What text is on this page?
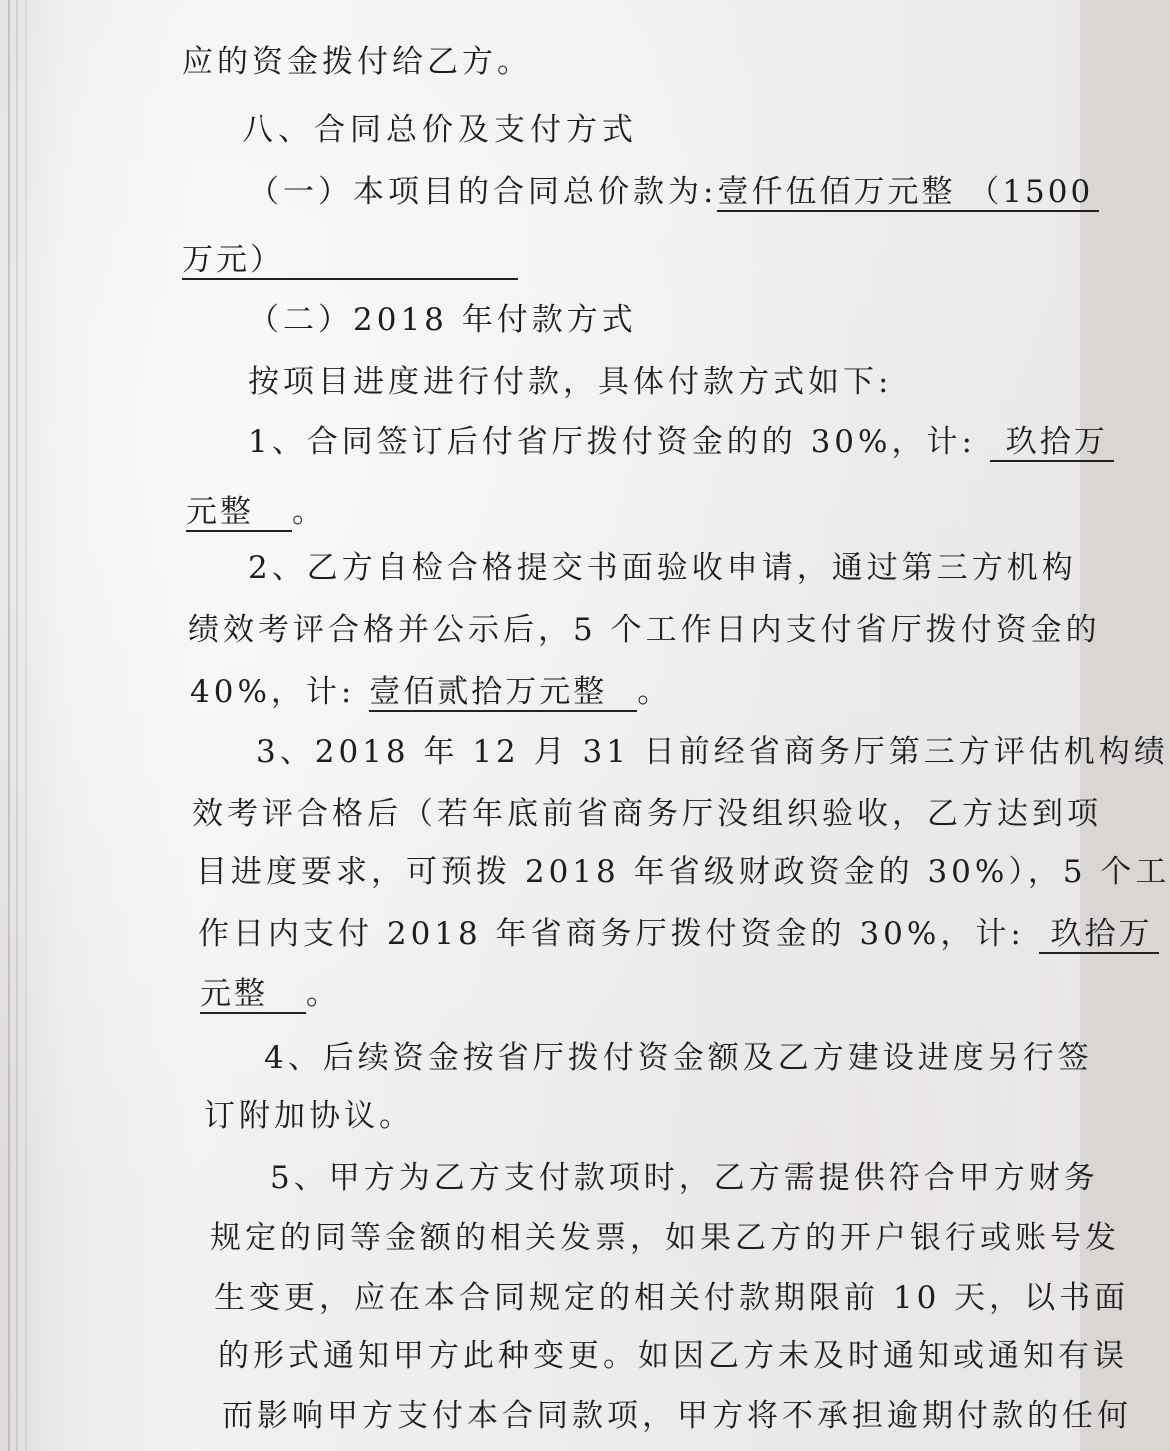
应的资金拨付给乙方。
八、合同总价及支付方式
（一）本项目的合同总价款为:壹仟伍佰万元整 （1500
万元）
（二）2018 年付款方式
按项目进度进行付款，具体付款方式如下:
1、合同签订后付省厅拨付资金的的 30%，计: 玖拾万
元整 。
2、乙方自检合格提交书面验收申请，通过第三方机构
绩效考评合格并公示后，5 个工作日内支付省厅拨付资金的
40%，计: 壹佰贰拾万元整 。
3、2018 年 12 月 31 日前经省商务厅第三方评估机构绩
效考评合格后（若年底前省商务厅没组织验收，乙方达到项
目进度要求，可预拨 2018 年省级财政资金的 30%），5 个工
作日内支付 2018 年省商务厅拨付资金的 30%，计: 玖拾万
元整 。
4、后续资金按省厅拨付资金额及乙方建设进度另行签
订附加协议。
5、甲方为乙方支付款项时，乙方需提供符合甲方财务
规定的同等金额的相关发票，如果乙方的开户银行或账号发
生变更，应在本合同规定的相关付款期限前 10 天，以书面
的形式通知甲方此种变更。如因乙方未及时通知或通知有误
而影响甲方支付本合同款项，甲方将不承担逾期付款的任何
